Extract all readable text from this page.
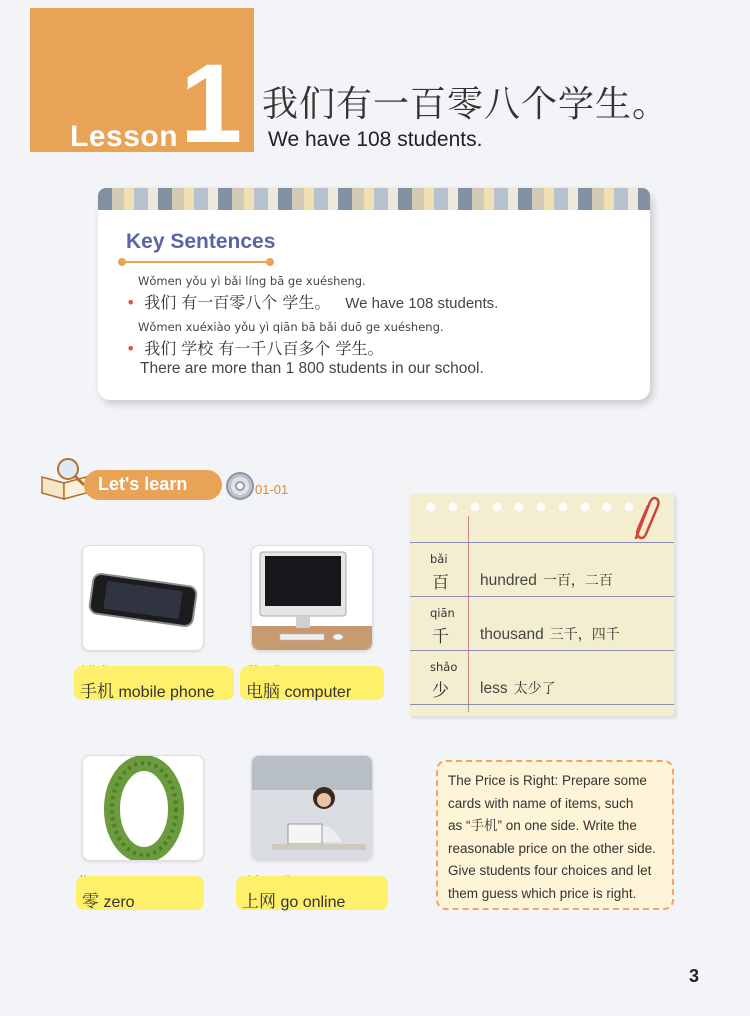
Lesson 1 我们有一百零八个学生。
We have 108 students.
Key Sentences
Wǒmen yǒu yì bǎi líng bā ge xuésheng.
• 我们 有一百零八个 学生。 We have 108 students.
Wǒmen xuéxiào yǒu yì qiān bā bǎi duō ge xuésheng.
• 我们 学校 有一千八百多个 学生。
There are more than 1 800 students in our school.
Let's learn	01-01
手机 mobile phone	电脑 computer
零 zero	上网 go online
bǎi
百 hundred 一百，二百
qiān
千 thousand 三千，四千
shǎo
少 less 太少了
The Price is Right: Prepare some
cards with name of items, such
as “手机” on one side. Write the
reasonable price on the other side.
Give students four choices and let
them guess which price is right.
3
